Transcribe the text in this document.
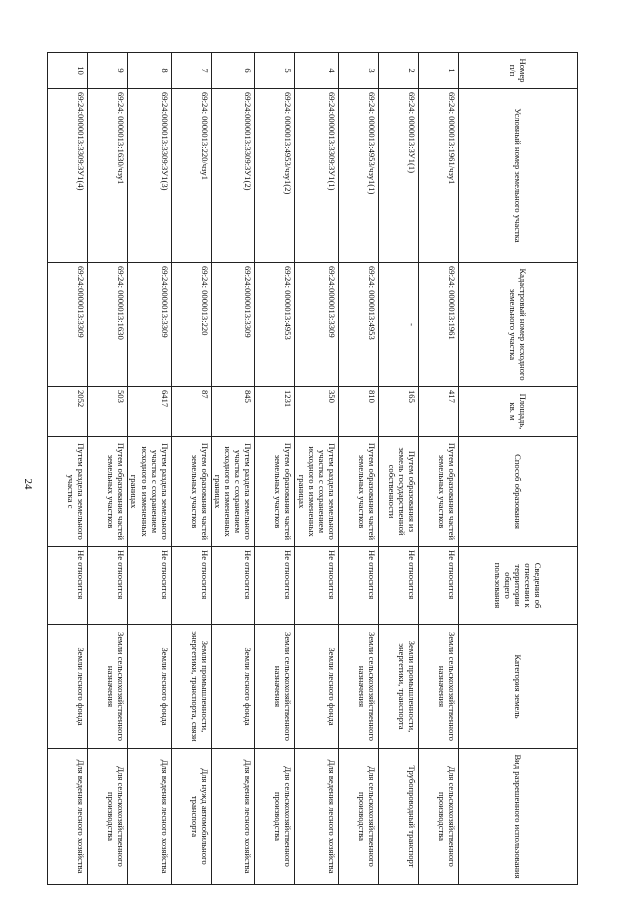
24
Номер п/п	Условный номер земельного участка	Кадастровый номер исходного земельного участка	Площадь, кв. м	Способ образования	Сведения об отнесении к территории общего пользования	Категория земель	Вид разрешенного использования
1	69:24: 0000013:1961/чзу1	69:24: 0000013:1961	417	Путем образования частей земельных участков	Не относится	Земли сельскохозяйственного назначения	Для сельскохозяйственного производства
2	69:24: 0000013:ЗУ1(1)	-	165	Путем образования из земель государственной собственности	Не относится	Земли промышленности, энергетики, транспорта	Трубопроводный транспорт
3	69:24: 0000013:4953/чзу1(1)	69:24: 0000013:4953	810	Путем образования частей земельных участков	Не относится	Земли сельскохозяйственного назначения	Для сельскохозяйственного производства
4	69:24:0000013:3309:ЗУ1(1)	69:24:0000013:3309	350	Путем раздела земельного участка с сохранением исходного в измененных границах	Не относится	Земли лесного фонда	Для ведения лесного хозяйства
5	69:24: 0000013:4953/чзу1(2)	69:24: 0000013:4953	1231	Путем образования частей земельных участков	Не относится	Земли сельскохозяйственного назначения	Для сельскохозяйственного производства
6	69:24:0000013:3309:ЗУ1(2)	69:24:0000013:3309	845	Путем раздела земельного участка с сохранением исходного в измененных границах	Не относится	Земли лесного фонда	Для ведения лесного хозяйства
7	69:24: 0000013:220/чзу1	69:24: 0000013:220	87	Путем образования частей земельных участков	Не относится	Земли промышленности, энергетики, транспорта, связи	Для нужд автомобильного транспорта
8	69:24:0000013:3309:ЗУ1(3)	69:24:0000013:3309	6417	Путем раздела земельного участка с сохранением исходного в измененных границах	Не относится	Земли лесного фонда	Для ведения лесного хозяйства
9	69:24: 0000013:1630/чзу1	69:24: 0000013:1630	503	Путем образования частей земельных участков	Не относится	Земли сельскохозяйственного назначения	Для сельскохозяйственного производства
10	69:24:0000013:3309:ЗУ1(4)	69:24:0000013:3309	2052	Путем раздела земельного участка с	Не относится	Земли лесного фонда	Для ведения лесного хозяйства
